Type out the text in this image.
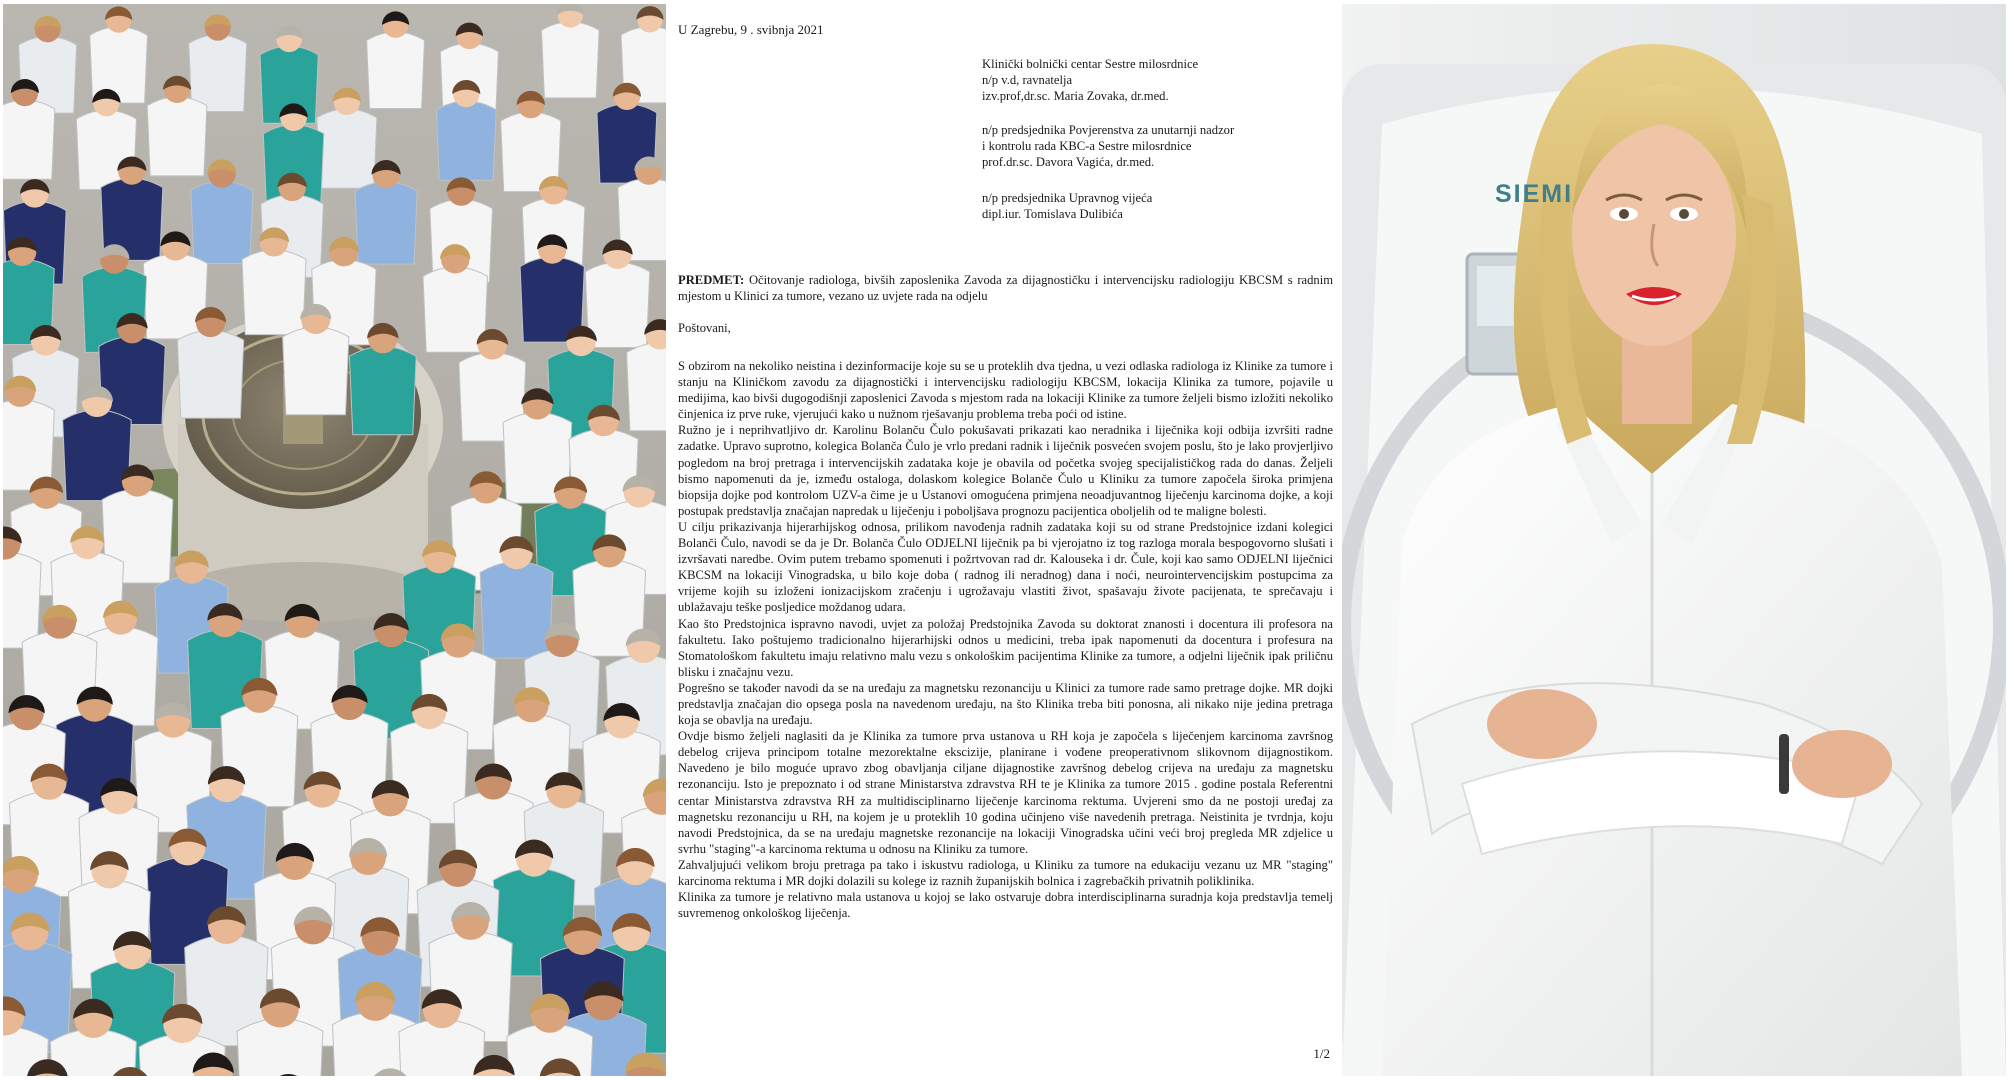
U Zagrebu, 9 . svibnja 2021
Klinički bolnički centar Sestre milosrdnice
n/p v.d, ravnatelja
izv.prof,dr.sc. Maria Zovaka, dr.med.
n/p predsjednika Povjerenstva za unutarnji nadzor
i kontrolu rada KBC-a Sestre milosrdnice
prof.dr.sc. Davora Vagića, dr.med.
n/p predsjednika Upravnog vijeća
dipl.iur. Tomislava Dulibića
PREDMET: Očitovanje radiologa, bivših zaposlenika Zavoda za dijagnostičku i intervencijsku radiologiju KBCSM s radnim mjestom u Klinici za tumore, vezano uz uvjete rada na odjelu
Poštovani,

S obzirom na nekoliko neistina i dezinformacije koje su se u proteklih dva tjedna, u vezi odlaska radiologa iz Klinike za tumore i stanju na Kliničkom zavodu za dijagnostički i intervencijsku radiologiju KBCSM, lokacija Klinika za tumore, pojavile u medijima, kao bivši dugogodišnji zaposlenici Zavoda s mjestom rada na lokaciji Klinike za tumore željeli bismo izložiti nekoliko činjenica iz prve ruke, vjerujući kako u nužnom rješavanju problema treba poći od istine.

Ružno je i neprihvatljivo dr. Karolinu Bolanču Čulo pokušavati prikazati kao neradnika i liječnika koji odbija izvršiti radne zadatke. Upravo suprotno, kolegica Bolanča Čulo je vrlo predani radnik i liječnik posvećen svojem poslu, što je lako provjerljivo pogledom na broj pretraga i intervencijskih zadataka koje je obavila od početka svojeg specijalističkog rada do danas. Željeli bismo napomenuti da je, između ostaloga, dolaskom kolegice Bolanče Čulo u Kliniku za tumore započela široka primjena biopsija dojke pod kontrolom UZV-a čime je u Ustanovi omogućena primjena neoadjuvantnog liječenju karcinoma dojke, a koji postupak predstavlja značajan napredak u liječenju i poboljšava prognozu pacijentica oboljelih od te maligne bolesti.

U cilju prikazivanja hijerarhijskog odnosa, prilikom navođenja radnih zadataka koji su od strane Predstojnice izdani kolegici Bolanči Čulo, navodi se da je Dr. Bolanča Čulo ODJELNI liječnik pa bi vjerojatno iz tog razloga morala bespogovorno slušati i izvršavati naredbe. Ovim putem trebamo spomenuti i požrtvovan rad dr. Kalouseka i dr. Čule, koji kao samo ODJELNI liječnici KBCSM na lokaciji Vinogradska, u bilo koje doba ( radnog ili neradnog) dana i noći, neurointervencijskim postupcima za vrijeme kojih su izloženi ionizacijskom zračenju i ugrožavaju vlastiti život, spašavaju živote pacijenata, te sprečavaju i ublažavaju teške posljedice moždanog udara.

Kao što Predstojnica ispravno navodi, uvjet za položaj Predstojnika Zavoda su doktorat znanosti i docentura ili profesora na fakultetu. Iako poštujemo tradicionalno hijerarhijski odnos u medicini, treba ipak napomenuti da docentura i profesura na Stomatološkom fakultetu imaju relativno malu vezu s onkološkim pacijentima Klinike za tumore, a odjelni liječnik ipak priličnu blisku i značajnu vezu.

Pogrešno se također navodi da se na uređaju za magnetsku rezonanciju u Klinici za tumore rade samo pretrage dojke. MR dojki predstavlja značajan dio opsega posla na navedenom uređaju, na što Klinika treba biti ponosna, ali nikako nije jedina pretraga koja se obavlja na uređaju.

Ovdje bismo željeli naglasiti da je Klinika za tumore prva ustanova u RH koja je započela s liječenjem karcinoma završnog debelog crijeva principom totalne mezorektalne ekscizije, planirane i vođene preoperativnom slikovnom dijagnostikom. Navedeno je bilo moguće upravo zbog obavljanja ciljane dijagnostike završnog debelog crijeva na uređaju za magnetsku rezonanciju. Isto je prepoznato i od strane Ministarstva zdravstva RH te je Klinika za tumore 2015 . godine postala Referentni centar Ministarstva zdravstva RH za multidisciplinarno liječenje karcinoma rektuma. Uvjereni smo da ne postoji uređaj za magnetsku rezonanciju u RH, na kojem je u proteklih 10 godina učinjeno više navedenih pretraga. Neistinita je tvrdnja, koju navodi Predstojnica, da se na uređaju magnetske rezonancije na lokaciji Vinogradska učini veći broj pregleda MR zdjelice u svrhu "staging"-a karcinoma rektuma u odnosu na Kliniku za tumore.

Zahvaljujući velikom broju pretraga pa tako i iskustvu radiologa, u Kliniku za tumore na edukaciju vezanu uz MR "staging" karcinoma rektuma i MR dojki dolazili su kolege iz raznih županijskih bolnica i zagrebačkih privatnih poliklinika.

Klinika za tumore je relativno mala ustanova u kojoj se lako ostvaruje dobra interdisciplinarna suradnja koja predstavlja temelj suvremenog onkološkog liječenja.

1/2
SIEMI
